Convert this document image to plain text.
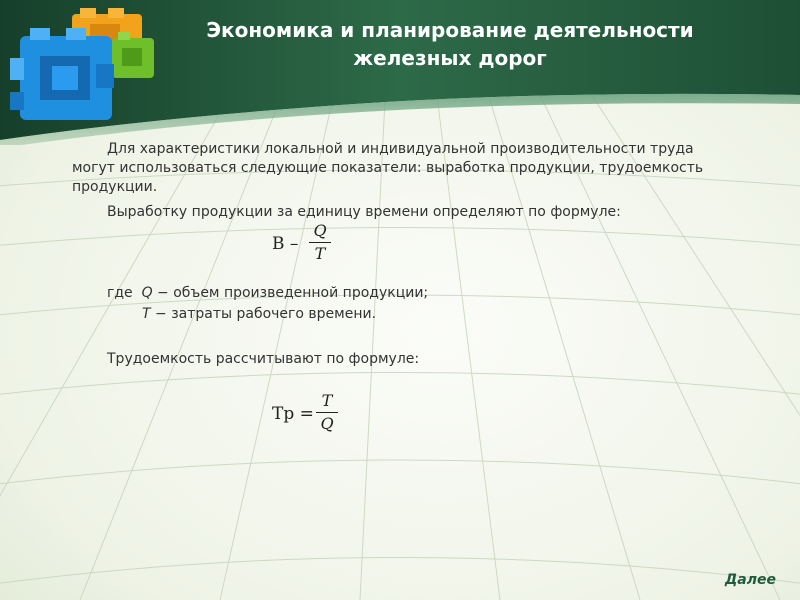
Экономика и планирование деятельности
железных дорог

Для характеристики локальной и индивидуальной производительности труда могут использоваться следующие показатели: выработка продукции, трудоемкость продукции.

Выработку продукции за единицу времени определяют по формуле:

В –
Q
T
где Q − объем произведенной продукции;
T − затраты рабочего времени.
Трудоемкость рассчитывают по формуле:
Тр =
T
Q
Далее
